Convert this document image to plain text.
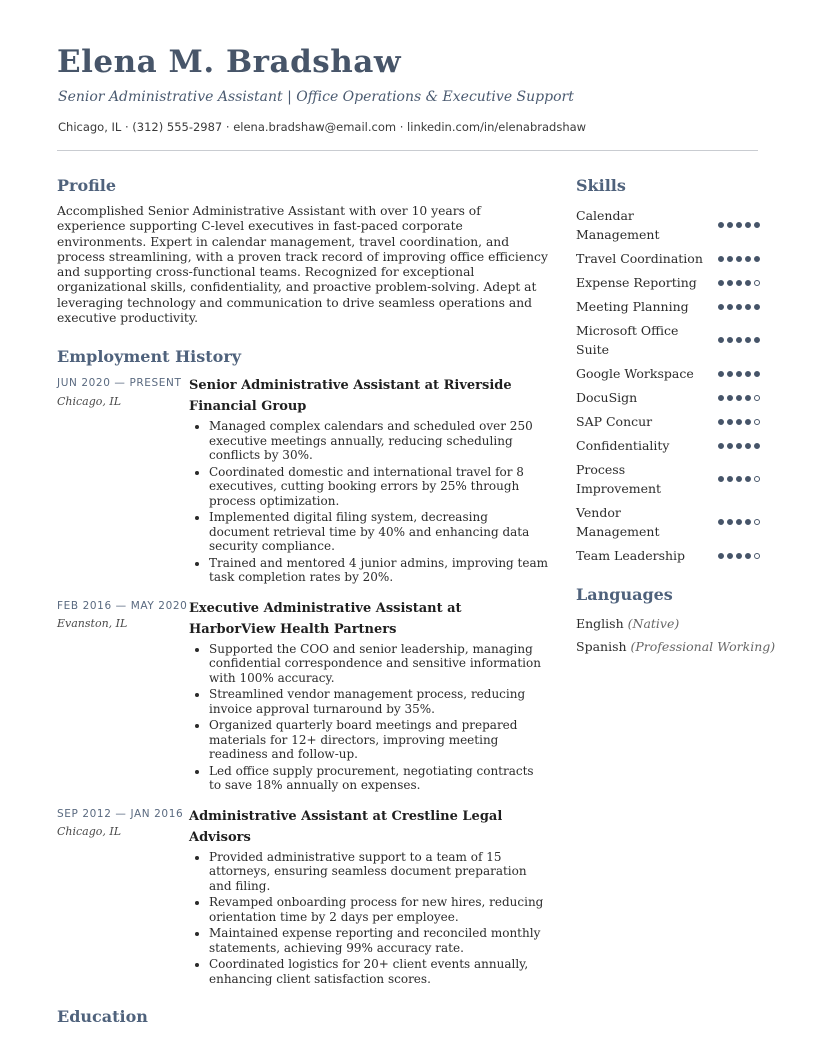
Elena M. Bradshaw

Senior Administrative Assistant | Office Operations & Executive Support

Chicago, IL · (312) 555-2987 · elena.bradshaw@email.com · linkedin.com/in/elenabradshaw

Profile

Accomplished Senior Administrative Assistant with over 10 years of experience supporting C-level executives in fast-paced corporate environments. Expert in calendar management, travel coordination, and process streamlining, with a proven track record of improving office efficiency and supporting cross-functional teams. Recognized for exceptional organizational skills, confidentiality, and proactive problem-solving. Adept at leveraging technology and communication to drive seamless operations and executive productivity.

Employment History
JUN 2020 — PRESENT
Chicago, IL
Senior Administrative Assistant at Riverside Financial Group
• Managed complex calendars and scheduled over 250 executive meetings annually, reducing scheduling conflicts by 30%.
• Coordinated domestic and international travel for 8 executives, cutting booking errors by 25% through process optimization.
• Implemented digital filing system, decreasing document retrieval time by 40% and enhancing data security compliance.
• Trained and mentored 4 junior admins, improving team task completion rates by 20%.
FEB 2016 — MAY 2020
Evanston, IL
Executive Administrative Assistant at HarborView Health Partners
• Supported the COO and senior leadership, managing confidential correspondence and sensitive information with 100% accuracy.
• Streamlined vendor management process, reducing invoice approval turnaround by 35%.
• Organized quarterly board meetings and prepared materials for 12+ directors, improving meeting readiness and follow-up.
• Led office supply procurement, negotiating contracts to save 18% annually on expenses.
SEP 2012 — JAN 2016
Chicago, IL
Administrative Assistant at Crestline Legal Advisors
• Provided administrative support to a team of 15 attorneys, ensuring seamless document preparation and filing.
• Revamped onboarding process for new hires, reducing orientation time by 2 days per employee.
• Maintained expense reporting and reconciled monthly statements, achieving 99% accuracy rate.
• Coordinated logistics for 20+ client events annually, enhancing client satisfaction scores.
Education
Skills
Calendar Management
Travel Coordination
Expense Reporting
Meeting Planning
Microsoft Office Suite
Google Workspace
DocuSign
SAP Concur
Confidentiality
Process Improvement
Vendor Management
Team Leadership
Languages
English (Native)
Spanish (Professional Working)
